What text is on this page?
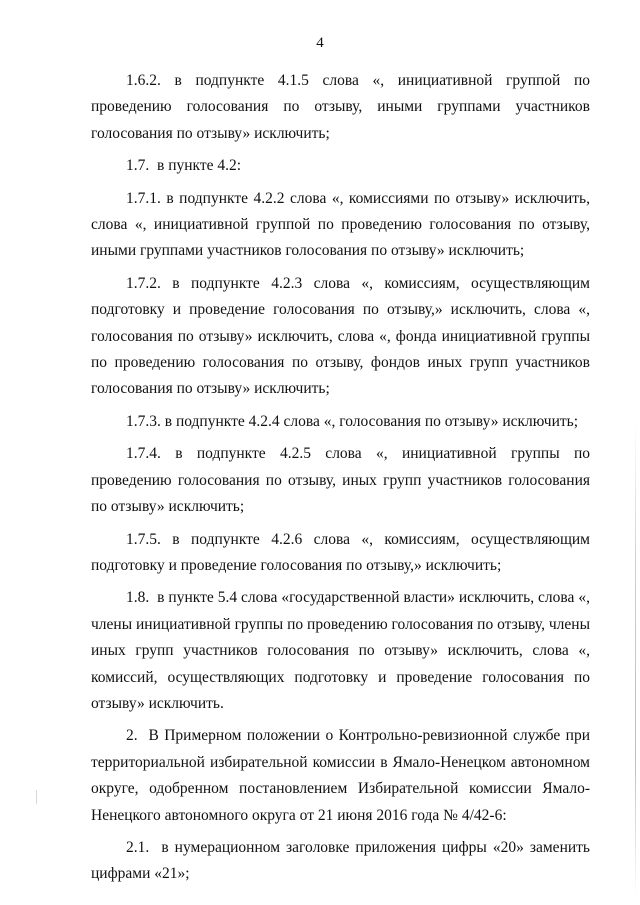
4

1.6.2. в подпункте 4.1.5 слова «, инициативной группой по проведению голосования по отзыву, иными группами участников голосования по отзыву» исключить;

1.7.  в пункте 4.2:

1.7.1. в подпункте 4.2.2 слова «, комиссиями по отзыву» исключить, слова «, инициативной группой по проведению голосования по отзыву, иными группами участников голосования по отзыву» исключить;

1.7.2. в подпункте 4.2.3 слова «, комиссиям, осуществляющим подготовку и проведение голосования по отзыву,» исключить, слова «, голосования по отзыву» исключить, слова «, фонда инициативной группы по проведению голосования по отзыву, фондов иных групп участников голосования по отзыву» исключить;

1.7.3. в подпункте 4.2.4 слова «, голосования по отзыву» исключить;

1.7.4. в подпункте 4.2.5 слова «, инициативной группы по проведению голосования по отзыву, иных групп участников голосования по отзыву» исключить;

1.7.5. в подпункте 4.2.6 слова «, комиссиям, осуществляющим подготовку и проведение голосования по отзыву,» исключить;

1.8.  в пункте 5.4 слова «государственной власти» исключить, слова «, члены инициативной группы по проведению голосования по отзыву, члены иных групп участников голосования по отзыву» исключить, слова «, комиссий, осуществляющих подготовку и проведение голосования по отзыву» исключить.

2.  В Примерном положении о Контрольно-ревизионной службе при территориальной избирательной комиссии в Ямало-Ненецком автономном округе, одобренном постановлением Избирательной комиссии Ямало-Ненецкого автономного округа от 21 июня 2016 года № 4/42-6:

2.1.  в нумерационном заголовке приложения цифры «20» заменить цифрами «21»;
